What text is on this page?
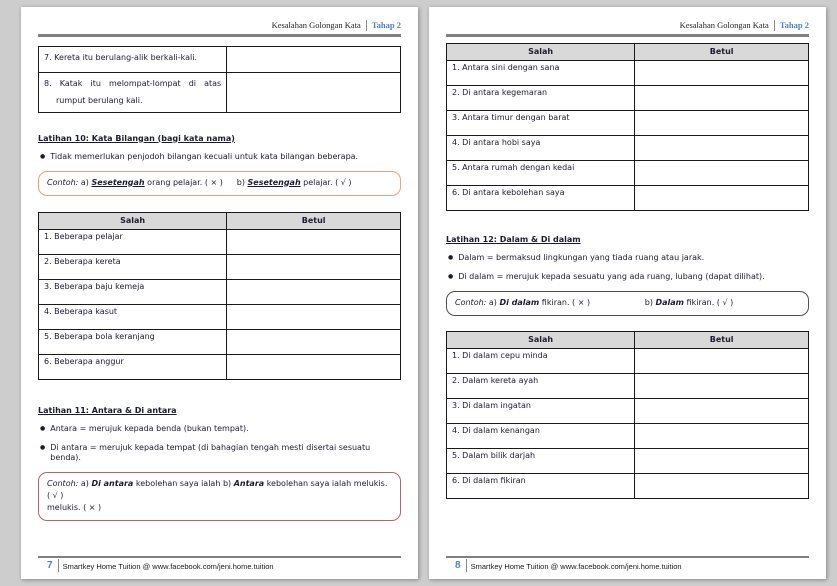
Kesalahan Golongan Kata Tahap 2
7. Kereta itu berulang-alik berkali-kali.	

8. Katak itu melompat-lompat di atas rumput berulang kali.	

Latihan 10: Kata Bilangan (bagi kata nama)
● Tidak memerlukan penjodoh bilangan kecuali untuk kata bilangan beberapa.
Contoh: a) Sesetengah orang pelajar. ( × ) b) Sesetengah pelajar. ( √ )
Salah	Betul
1. Beberapa pelajar	
2. Beberapa kereta	
3. Beberapa baju kemeja	
4. Beberapa kasut	
5. Beberapa bola keranjang	
6. Beberapa anggur	
Latihan 11: Antara & Di antara
● Antara = merujuk kepada benda (bukan tempat).
● Di antara = merujuk kepada tempat (di bahagian tengah mesti disertai sesuatu benda).
Contoh: a) Di antara kebolehan saya ialah b) Antara kebolehan saya ialah melukis. ( √ )
melukis. ( × )
7 Smartkey Home Tuition @ www.facebook.com/jeni.home.tuition
Kesalahan Golongan Kata Tahap 2
Salah	Betul
1. Antara sini dengan sana	
2. Di antara kegemaran	
3. Antara timur dengan barat	
4. Di antara hobi saya	
5. Antara rumah dengan kedai	
6. Di antara kebolehan saya	
Latihan 12: Dalam & Di dalam
● Dalam = bermaksud lingkungan yang tiada ruang atau jarak.
● Di dalam = merujuk kepada sesuatu yang ada ruang, lubang (dapat dilihat).
Contoh: a) Di dalam fikiran. ( × )	b) Dalam fikiran. ( √ )
Salah	Betul
1. Di dalam cepu minda	
2. Dalam kereta ayah	
3. Di dalam ingatan	
4. Di dalam kenangan	
5. Dalam bilik darjah	
6. Di dalam fikiran	
8 Smartkey Home Tuition @ www.facebook.com/jeni.home.tuition
